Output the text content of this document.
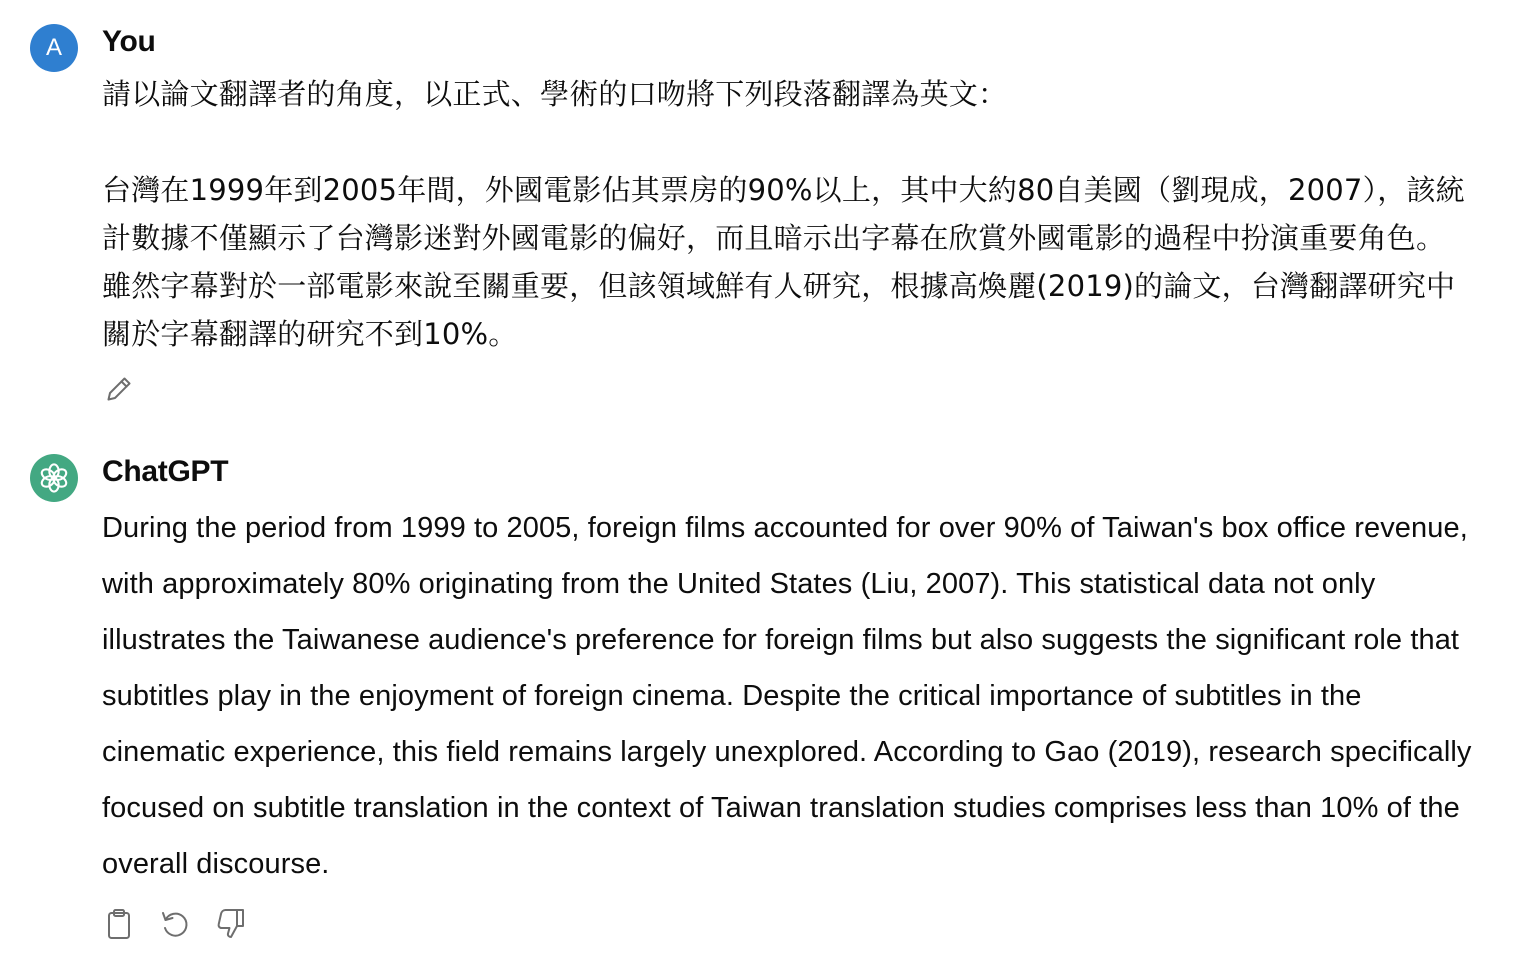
A You

請以論文翻譯者的角度，以正式、學術的口吻將下列段落翻譯為英文：

台灣在1999年到2005年間，外國電影佔其票房的90%以上，其中大約80自美國（劉現成，2007），該統計數據不僅顯示了台灣影迷對外國電影的偏好，而且暗示出字幕在欣賞外國電影的過程中扮演重要角色。雖然字幕對於一部電影來說至關重要，但該領域鮮有人研究，根據高煥麗(2019)的論文，台灣翻譯研究中關於字幕翻譯的研究不到10%。

ChatGPT

During the period from 1999 to 2005, foreign films accounted for over 90% of Taiwan's box office revenue, with approximately 80% originating from the United States (Liu, 2007). This statistical data not only illustrates the Taiwanese audience's preference for foreign films but also suggests the significant role that subtitles play in the enjoyment of foreign cinema. Despite the critical importance of subtitles in the cinematic experience, this field remains largely unexplored. According to Gao (2019), research specifically focused on subtitle translation in the context of Taiwan translation studies comprises less than 10% of the overall discourse.
